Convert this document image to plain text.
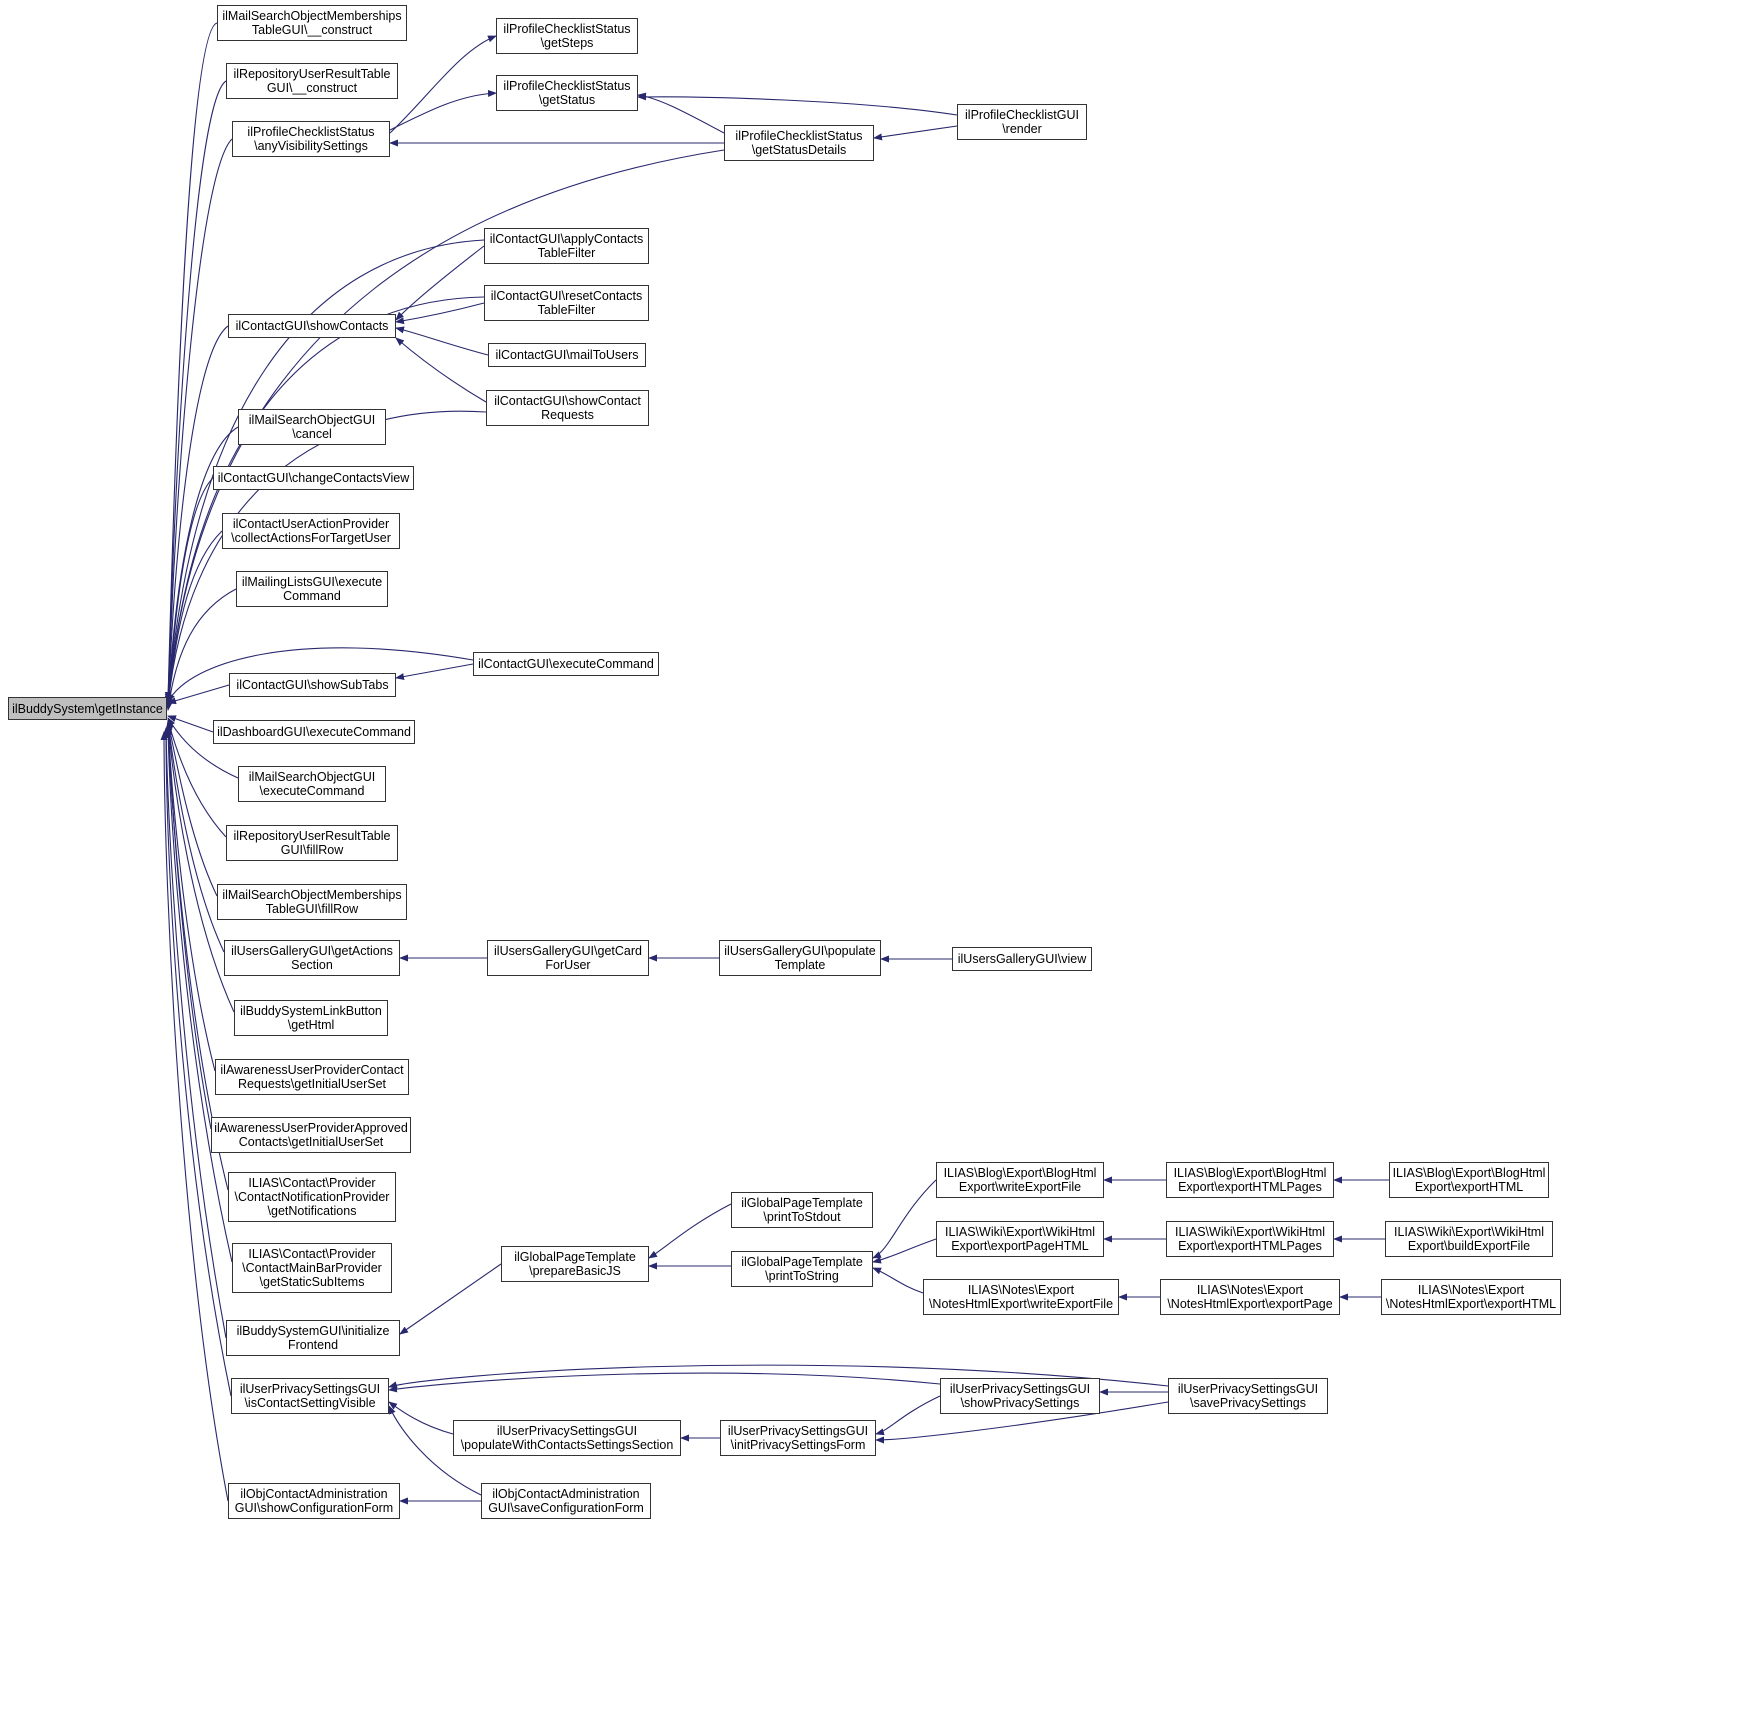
ilBuddySystem\getInstance
ilMailSearchObjectMemberships
TableGUI\__construct
ilRepositoryUserResultTable
GUI\__construct
ilProfileChecklistStatus
\anyVisibilitySettings
ilProfileChecklistStatus
\getSteps
ilProfileChecklistStatus
\getStatus
ilProfileChecklistStatus
\getStatusDetails
ilProfileChecklistGUI
\render
ilContactGUI\applyContacts
TableFilter
ilContactGUI\resetContacts
TableFilter
ilContactGUI\showContacts
ilContactGUI\mailToUsers
ilContactGUI\showContact
Requests
ilMailSearchObjectGUI
\cancel
ilContactGUI\changeContactsView
ilContactUserActionProvider
\collectActionsForTargetUser
ilMailingListsGUI\execute
Command
ilContactGUI\executeCommand
ilContactGUI\showSubTabs
ilDashboardGUI\executeCommand
ilMailSearchObjectGUI
\executeCommand
ilRepositoryUserResultTable
GUI\fillRow
ilMailSearchObjectMemberships
TableGUI\fillRow
ilUsersGalleryGUI\getActions
Section
ilUsersGalleryGUI\getCard
ForUser
ilUsersGalleryGUI\populate
Template	ilUsersGalleryGUI\view
ilBuddySystemLinkButton
\getHtml
ilAwarenessUserProviderContact
Requests\getInitialUserSet
ilAwarenessUserProviderApproved
Contacts\getInitialUserSet
ILIAS\Contact\Provider
\ContactNotificationProvider
\getNotifications
ILIAS\Contact\Provider
\ContactMainBarProvider
\getStaticSubItems
ilBuddySystemGUI\initialize
Frontend
ilGlobalPageTemplate
\prepareBasicJS
ilGlobalPageTemplate
\printToStdout
ilGlobalPageTemplate
\printToString
ILIAS\Blog\Export\BlogHtml
Export\writeExportFile
ILIAS\Wiki\Export\WikiHtml
Export\exportPageHTML
ILIAS\Notes\Export
\NotesHtmlExport\writeExportFile
ILIAS\Blog\Export\BlogHtml
Export\exportHTMLPages
ILIAS\Wiki\Export\WikiHtml
Export\exportHTMLPages
ILIAS\Notes\Export
\NotesHtmlExport\exportPage
ILIAS\Blog\Export\BlogHtml
Export\exportHTML
ILIAS\Wiki\Export\WikiHtml
Export\buildExportFile
ILIAS\Notes\Export
\NotesHtmlExport\exportHTML
ilUserPrivacySettingsGUI
\isContactSettingVisible
ilUserPrivacySettingsGUI
\populateWithContactsSettingsSection
ilUserPrivacySettingsGUI
\initPrivacySettingsForm
ilUserPrivacySettingsGUI
\showPrivacySettings
ilUserPrivacySettingsGUI
\savePrivacySettings
ilObjContactAdministration
GUI\showConfigurationForm
ilObjContactAdministration
GUI\saveConfigurationForm
